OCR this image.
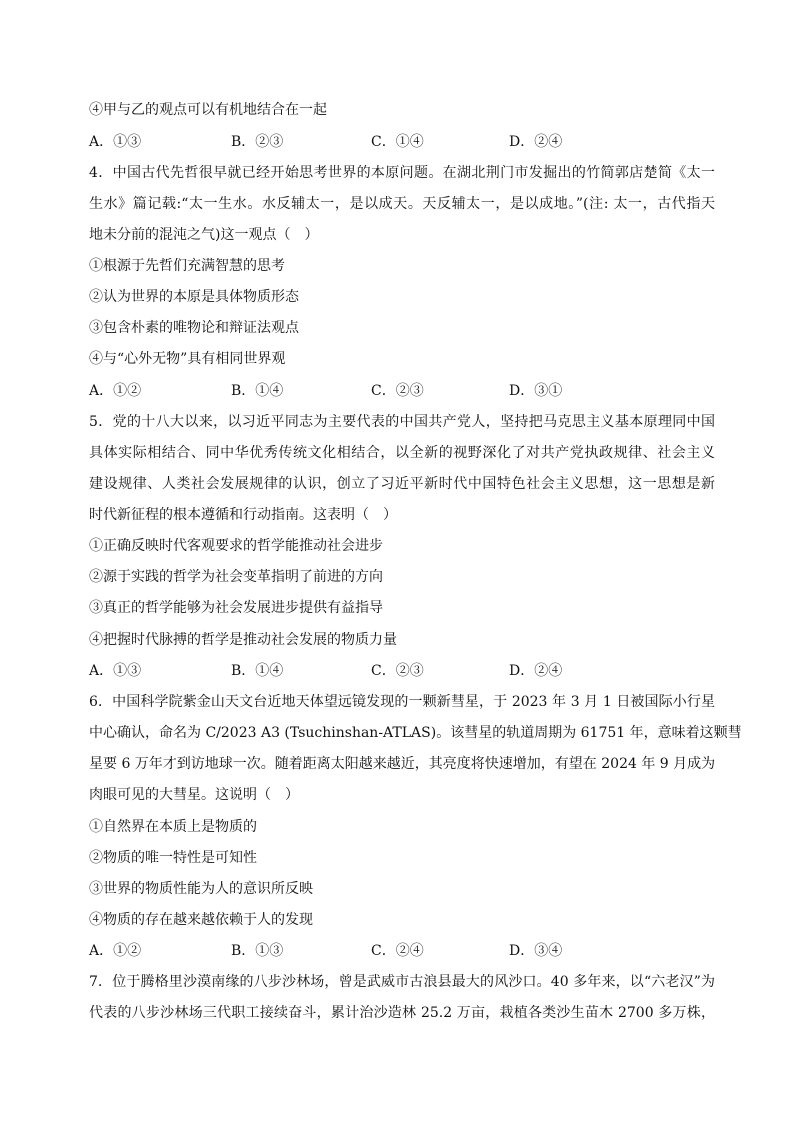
④甲与乙的观点可以有机地结合在一起
A．①③	B．②③	C．①④	D．②④
4．中国古代先哲很早就已经开始思考世界的本原问题。在湖北荆门市发掘出的竹简郭店楚简《太一
生水》篇记载:“太一生水。水反辅太一，是以成天。天反辅太一，是以成地。”(注: 太一，古代指天
地未分前的混沌之气)这一观点（　）
①根源于先哲们充满智慧的思考
②认为世界的本原是具体物质形态
③包含朴素的唯物论和辩证法观点
④与“心外无物”具有相同世界观
A．①②	B．①④	C．②③	D．③①
5．党的十八大以来，以习近平同志为主要代表的中国共产党人，坚持把马克思主义基本原理同中国
具体实际相结合、同中华优秀传统文化相结合，以全新的视野深化了对共产党执政规律、社会主义
建设规律、人类社会发展规律的认识，创立了习近平新时代中国特色社会主义思想，这一思想是新
时代新征程的根本遵循和行动指南。这表明（　）
①正确反映时代客观要求的哲学能推动社会进步
②源于实践的哲学为社会变革指明了前进的方向
③真正的哲学能够为社会发展进步提供有益指导
④把握时代脉搏的哲学是推动社会发展的物质力量
A．①③	B．①④	C．②③	D．②④
6．中国科学院紫金山天文台近地天体望远镜发现的一颗新彗星，于 2023 年 3 月 1 日被国际小行星
中心确认，命名为 C/2023 A3 (Tsuchinshan-ATLAS)。该彗星的轨道周期为 61751 年，意味着这颗彗
星要 6 万年才到访地球一次。随着距离太阳越来越近，其亮度将快速增加，有望在 2024 年 9 月成为
肉眼可见的大彗星。这说明（　）
①自然界在本质上是物质的
②物质的唯一特性是可知性
③世界的物质性能为人的意识所反映
④物质的存在越来越依赖于人的发现
A．①②	B．①③	C．②④	D．③④
7．位于腾格里沙漠南缘的八步沙林场，曾是武威市古浪县最大的风沙口。40 多年来，以“六老汉”为
代表的八步沙林场三代职工接续奋斗，累计治沙造林 25.2 万亩，栽植各类沙生苗木 2700 多万株，
